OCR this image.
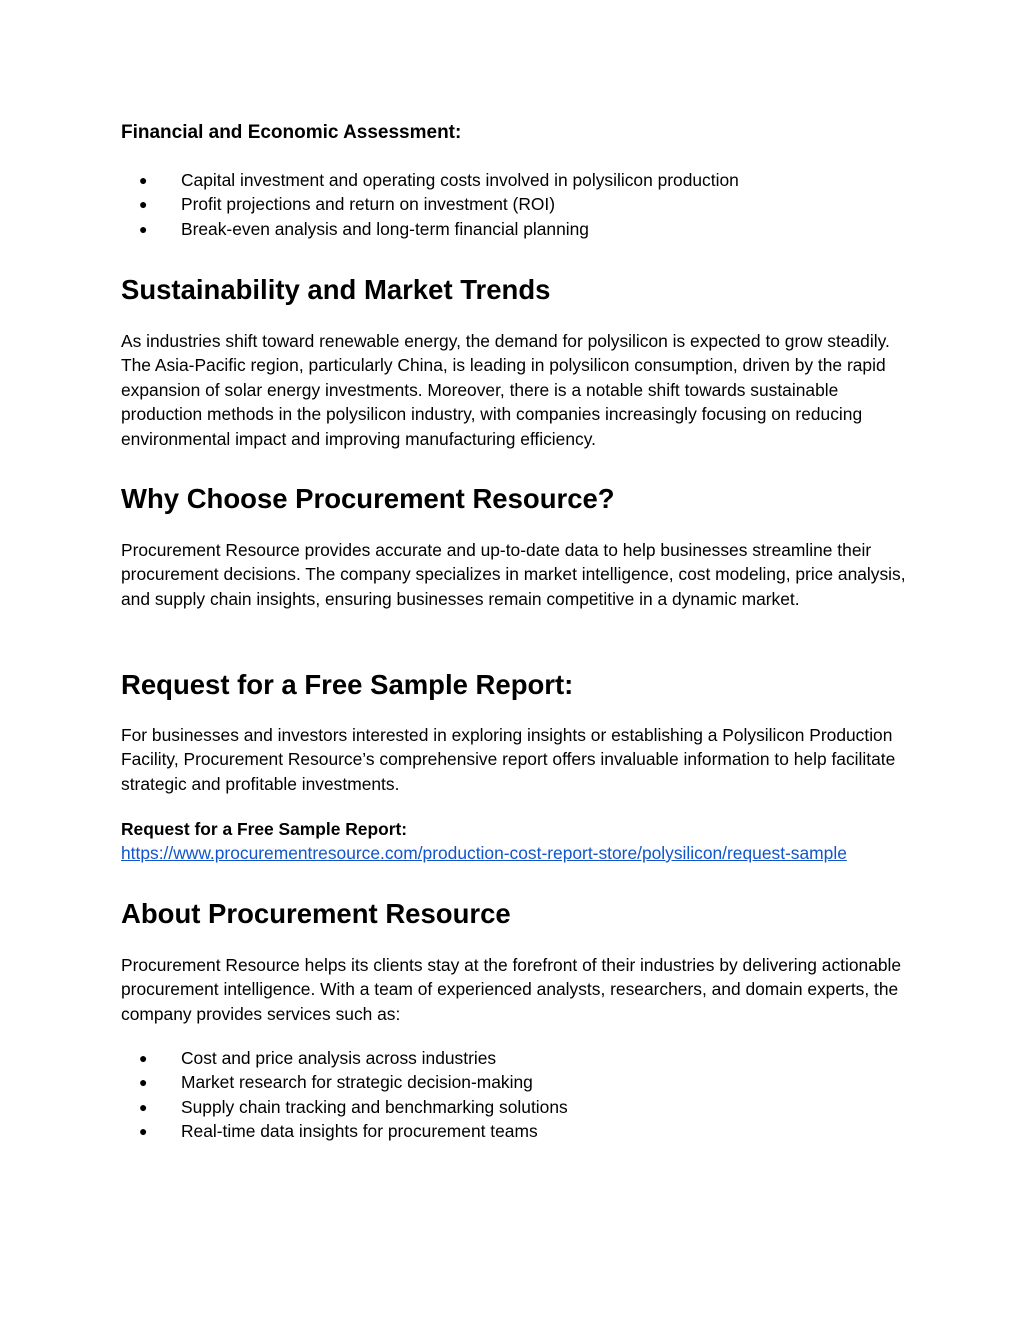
Financial and Economic Assessment:

● Capital investment and operating costs involved in polysilicon production
● Profit projections and return on investment (ROI)
● Break-even analysis and long-term financial planning
Sustainability and Market Trends

As industries shift toward renewable energy, the demand for polysilicon is expected to grow steadily. The Asia-Pacific region, particularly China, is leading in polysilicon consumption, driven by the rapid expansion of solar energy investments. Moreover, there is a notable shift towards sustainable production methods in the polysilicon industry, with companies increasingly focusing on reducing environmental impact and improving manufacturing efficiency.

Why Choose Procurement Resource?

Procurement Resource provides accurate and up-to-date data to help businesses streamline their procurement decisions. The company specializes in market intelligence, cost modeling, price analysis, and supply chain insights, ensuring businesses remain competitive in a dynamic market.

Request for a Free Sample Report:

For businesses and investors interested in exploring insights or establishing a Polysilicon Production Facility, Procurement Resource’s comprehensive report offers invaluable information to help facilitate strategic and profitable investments.

Request for a Free Sample Report:

https://www.procurementresource.com/production-cost-report-store/polysilicon/request-sample
About Procurement Resource

Procurement Resource helps its clients stay at the forefront of their industries by delivering actionable procurement intelligence. With a team of experienced analysts, researchers, and domain experts, the company provides services such as:

● Cost and price analysis across industries
● Market research for strategic decision-making
● Supply chain tracking and benchmarking solutions
● Real-time data insights for procurement teams
